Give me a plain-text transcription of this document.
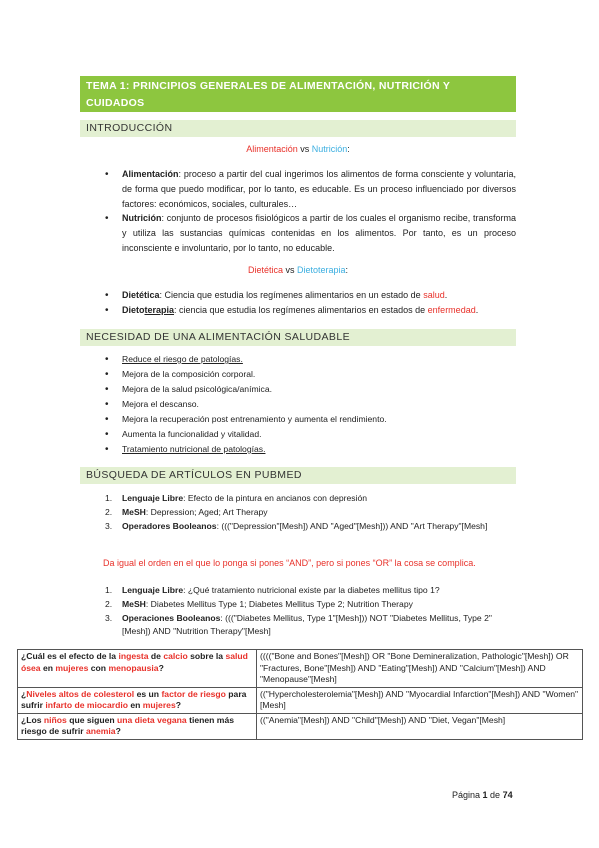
TEMA 1: PRINCIPIOS GENERALES DE ALIMENTACIÓN, NUTRICIÓN Y CUIDADOS
INTRODUCCIÓN
Alimentación vs Nutrición:
• Alimentación: proceso a partir del cual ingerimos los alimentos de forma consciente y voluntaria, de forma que puedo modificar, por lo tanto, es educable. Es un proceso influenciado por diversos factores: económicos, sociales, culturales…
• Nutrición: conjunto de procesos fisiológicos a partir de los cuales el organismo recibe, transforma y utiliza las sustancias químicas contenidas en los alimentos. Por tanto, es un proceso inconsciente e involuntario, por lo tanto, no educable.
Dietética vs Dietoterapia:
• Dietética: Ciencia que estudia los regímenes alimentarios en un estado de salud.
• Dietoterapia: ciencia que estudia los regímenes alimentarios en estados de enfermedad.
NECESIDAD DE UNA ALIMENTACIÓN SALUDABLE
• Reduce el riesgo de patologías.
• Mejora de la composición corporal.
• Mejora de la salud psicológica/anímica.
• Mejora el descanso.
• Mejora la recuperación post entrenamiento y aumenta el rendimiento.
• Aumenta la funcionalidad y vitalidad.
• Tratamiento nutricional de patologías.
BÚSQUEDA DE ARTÍCULOS EN PUBMED
1. Lenguaje Libre: Efecto de la pintura en ancianos con depresión
2. MeSH: Depression; Aged; Art Therapy
3. Operadores Booleanos: ((("Depression"[Mesh]) AND "Aged"[Mesh])) AND "Art Therapy"[Mesh]
Da igual el orden en el que lo ponga si pones “AND”, pero si pones “OR” la cosa se complica.
1. Lenguaje Libre: ¿Qué tratamiento nutricional existe par la diabetes mellitus tipo 1?
2. MeSH: Diabetes Mellitus Type 1; Diabetes Mellitus Type 2; Nutrition Therapy
3. Operaciones Booleanos: ((("Diabetes Mellitus, Type 1"[Mesh])) NOT "Diabetes Mellitus, Type 2"[Mesh]) AND "Nutrition Therapy"[Mesh]
¿Cuál es el efecto de la ingesta de calcio sobre la salud ósea en mujeres con menopausia?	(((("Bone and Bones"[Mesh]) OR "Bone Demineralization, Pathologic"[Mesh]) OR "Fractures, Bone"[Mesh]) AND "Eating"[Mesh]) AND "Calcium"[Mesh]) AND "Menopause"[Mesh]
¿Niveles altos de colesterol es un factor de riesgo para sufrir infarto de miocardio en mujeres?	(("Hypercholesterolemia"[Mesh]) AND "Myocardial Infarction"[Mesh]) AND "Women"[Mesh]
¿Los niños que siguen una dieta vegana tienen más riesgo de sufrir anemia?	(("Anemia"[Mesh]) AND "Child"[Mesh]) AND "Diet, Vegan"[Mesh]
Página 1 de 74
